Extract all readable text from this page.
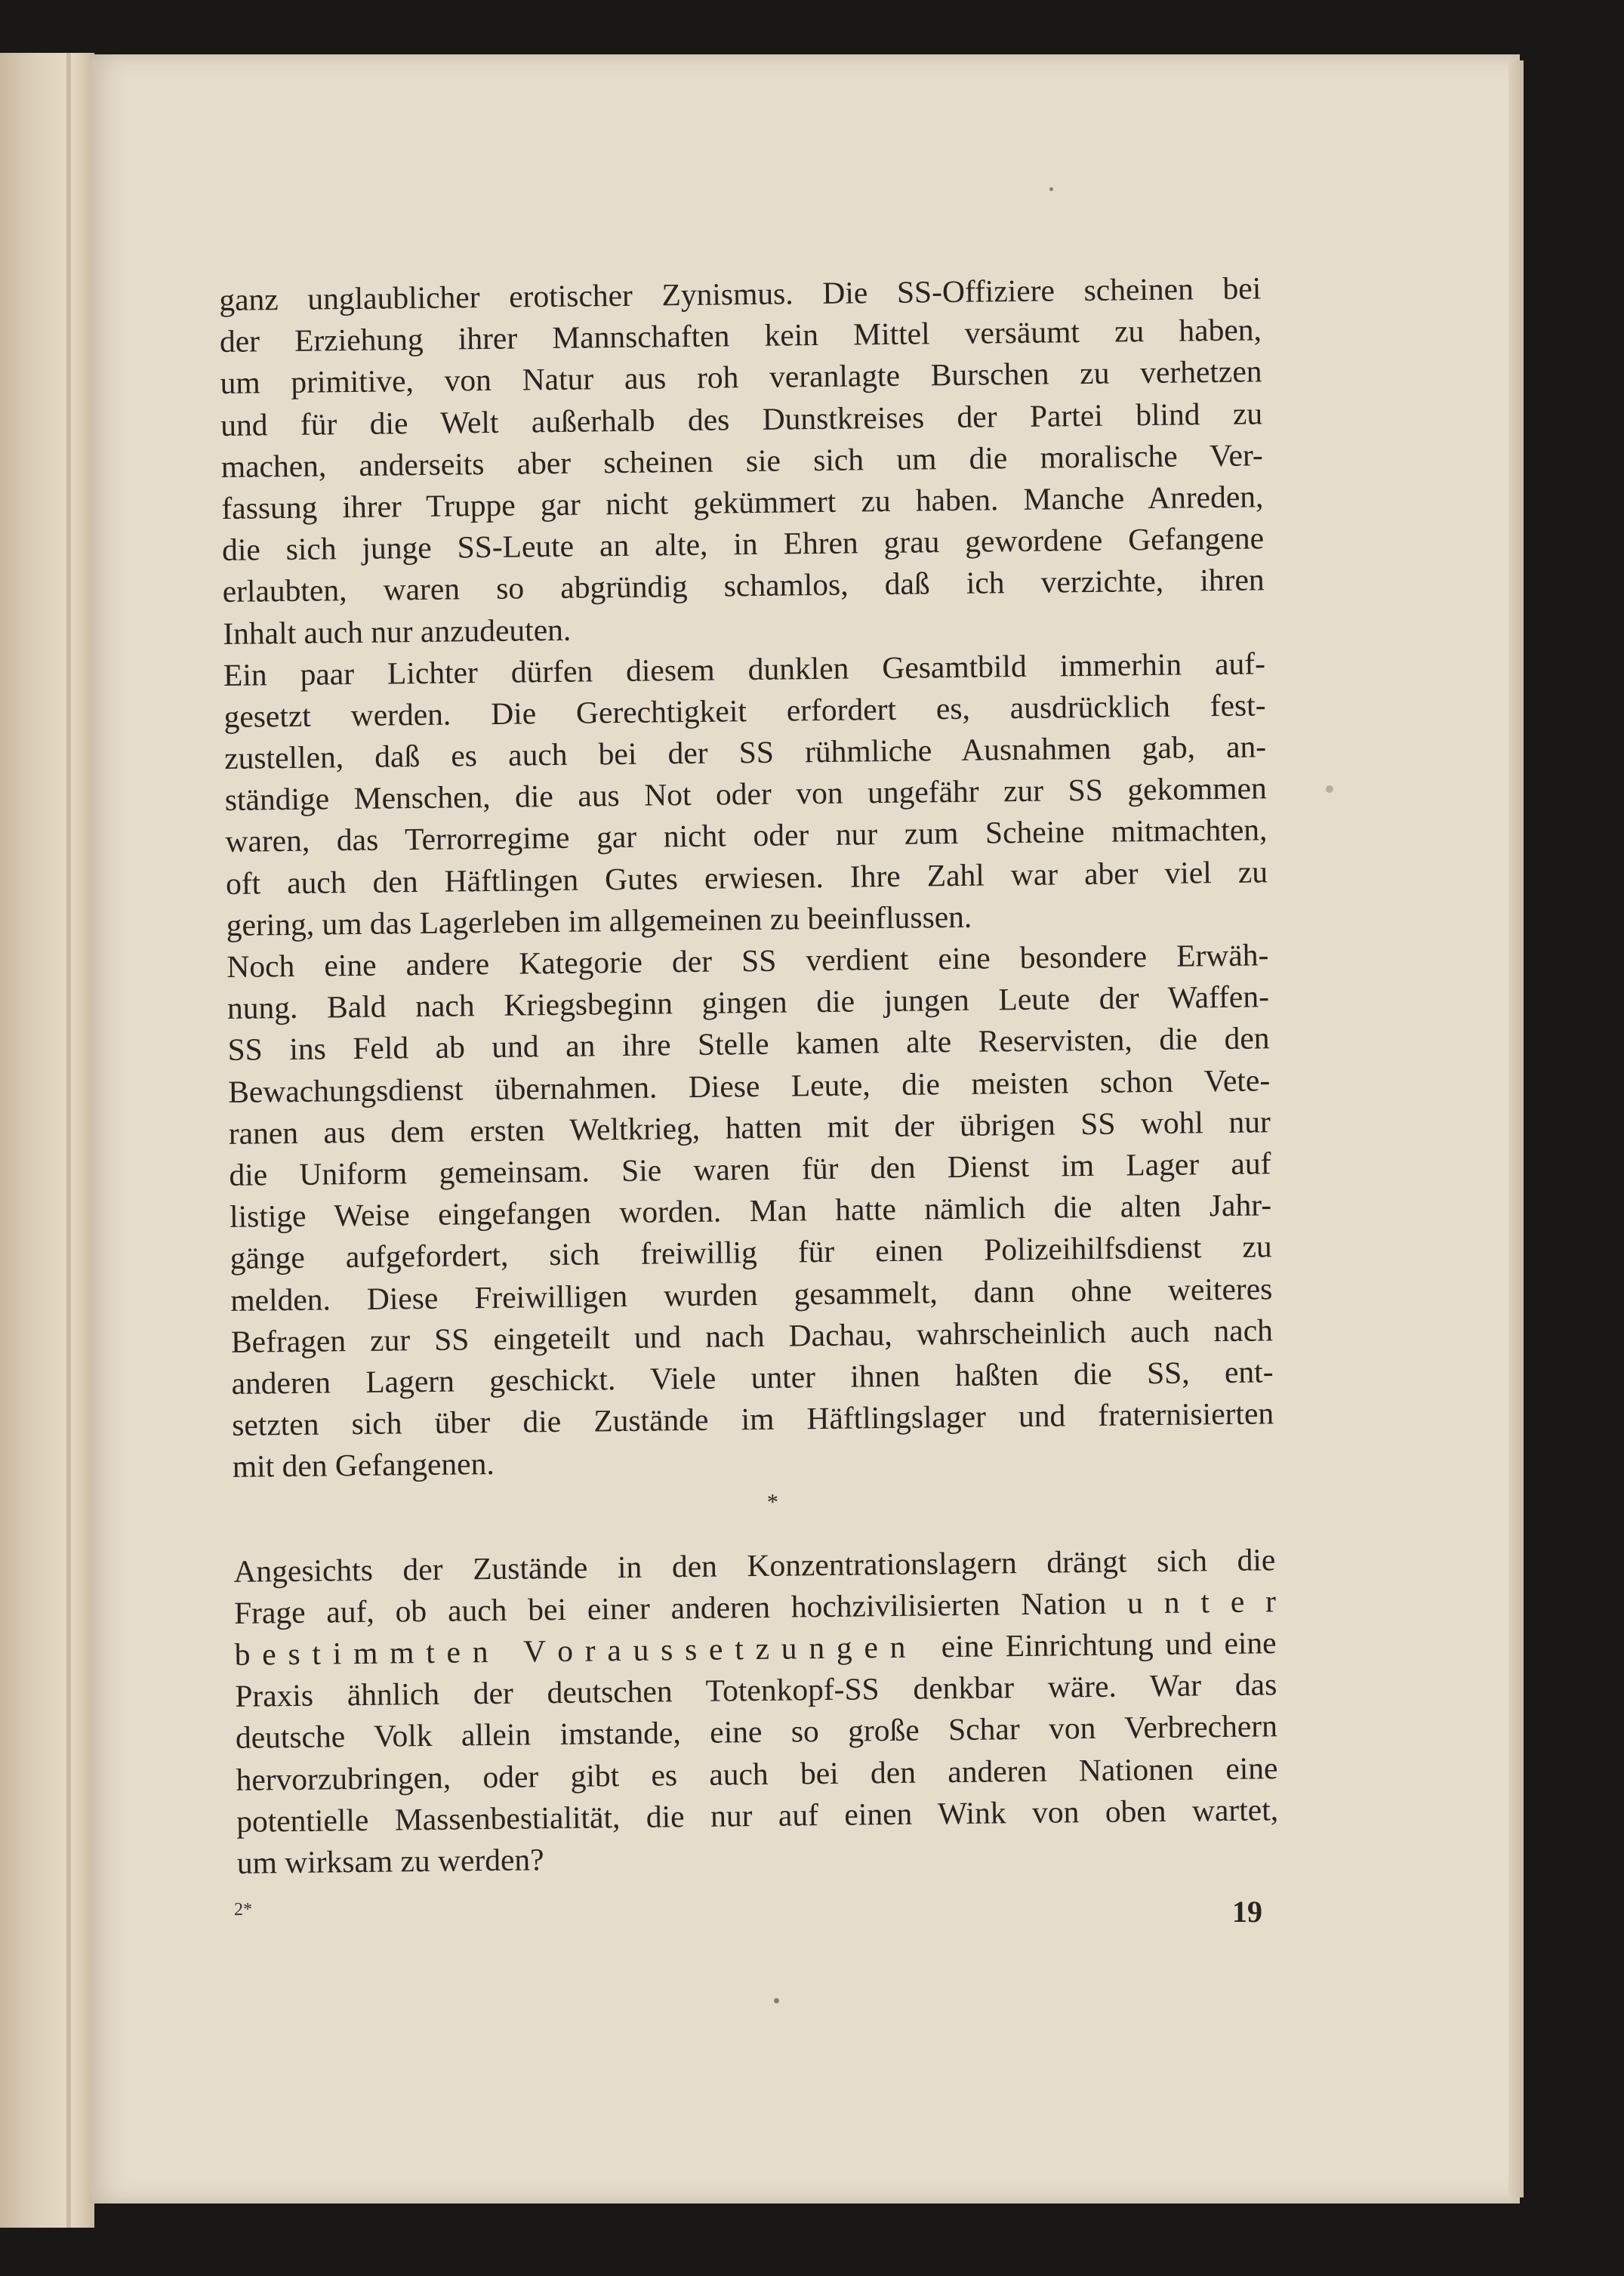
ganz unglaublicher erotischer Zynismus. Die SS-Offiziere scheinen bei
der Erziehung ihrer Mannschaften kein Mittel versäumt zu haben,
um primitive, von Natur aus roh veranlagte Burschen zu verhetzen
und für die Welt außerhalb des Dunstkreises der Partei blind zu
machen, anderseits aber scheinen sie sich um die moralische Ver-
fassung ihrer Truppe gar nicht gekümmert zu haben. Manche Anreden,
die sich junge SS-Leute an alte, in Ehren grau gewordene Gefangene
erlaubten, waren so abgründig schamlos, daß ich verzichte, ihren
Inhalt auch nur anzudeuten.
Ein paar Lichter dürfen diesem dunklen Gesamtbild immerhin auf-
gesetzt werden. Die Gerechtigkeit erfordert es, ausdrücklich fest-
zustellen, daß es auch bei der SS rühmliche Ausnahmen gab, an-
ständige Menschen, die aus Not oder von ungefähr zur SS gekommen
waren, das Terrorregime gar nicht oder nur zum Scheine mitmachten,
oft auch den Häftlingen Gutes erwiesen. Ihre Zahl war aber viel zu
gering, um das Lagerleben im allgemeinen zu beeinflussen.
Noch eine andere Kategorie der SS verdient eine besondere Erwäh-
nung. Bald nach Kriegsbeginn gingen die jungen Leute der Waffen-
SS ins Feld ab und an ihre Stelle kamen alte Reservisten, die den
Bewachungsdienst übernahmen. Diese Leute, die meisten schon Vete-
ranen aus dem ersten Weltkrieg, hatten mit der übrigen SS wohl nur
die Uniform gemeinsam. Sie waren für den Dienst im Lager auf
listige Weise eingefangen worden. Man hatte nämlich die alten Jahr-
gänge aufgefordert, sich freiwillig für einen Polizeihilfsdienst zu
melden. Diese Freiwilligen wurden gesammelt, dann ohne weiteres
Befragen zur SS eingeteilt und nach Dachau, wahrscheinlich auch nach
anderen Lagern geschickt. Viele unter ihnen haßten die SS, ent-
setzten sich über die Zustände im Häftlingslager und fraternisierten
mit den Gefangenen.
*
Angesichts der Zustände in den Konzentrationslagern drängt sich die
Frage auf, ob auch bei einer anderen hochzivilisierten Nation u n t e r
b e s t i m m t e n   V o r a u s s e t z u n g e n   eine Einrichtung und eine
Praxis ähnlich der deutschen Totenkopf-SS denkbar wäre. War das
deutsche Volk allein imstande, eine so große Schar von Verbrechern
hervorzubringen, oder gibt es auch bei den anderen Nationen eine
potentielle Massenbestialität, die nur auf einen Wink von oben wartet,
um wirksam zu werden?
2*	19
